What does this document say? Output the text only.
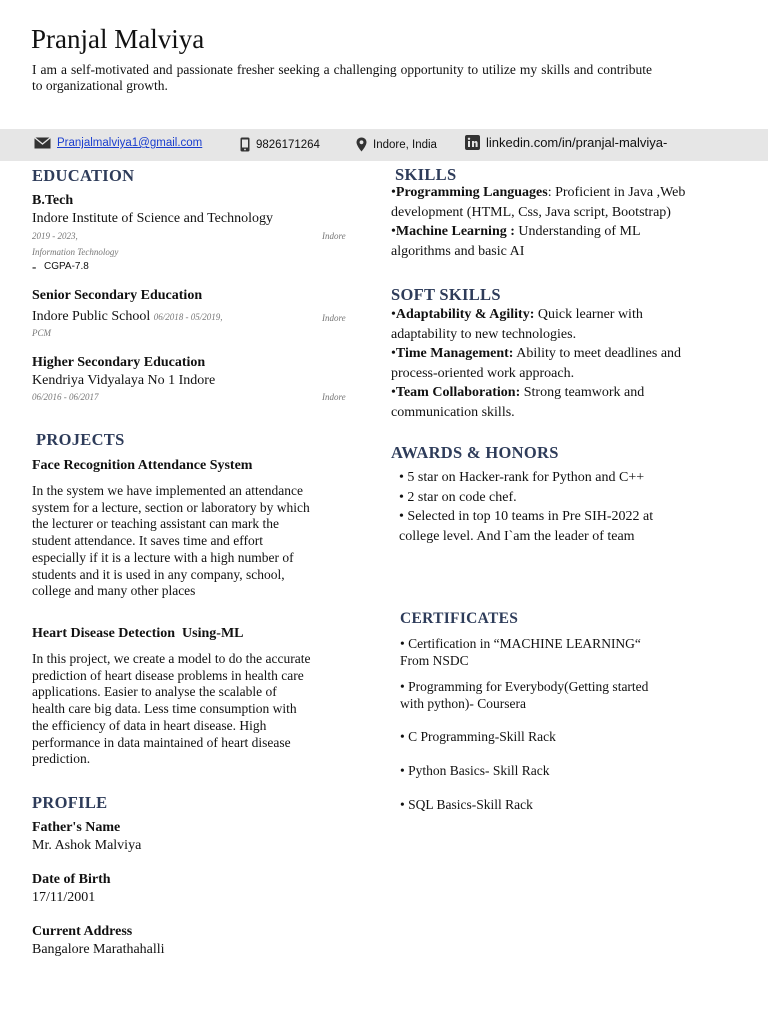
Pranjal Malviya
I am a self-motivated and passionate fresher seeking a challenging opportunity to utilize my skills and contribute to organizational growth.
Pranjalmalviya1@gmail.com	9826171264	Indore, India	linkedin.com/in/pranjal-malviya-
EDUCATION
B.Tech
Indore Institute of Science and Technology
2019 - 2023,	Indore
Information Technology
- CGPA-7.8
Senior Secondary Education
Indore Public School 06/2018 - 05/2019,	Indore
PCM
Higher Secondary Education
Kendriya Vidyalaya No 1 Indore
06/2016 - 06/2017	Indore
PROJECTS
Face Recognition Attendance System
In the system we have implemented an attendance
system for a lecture, section or laboratory by which
the lecturer or teaching assistant can mark the
student attendance. It saves time and effort
especially if it is a lecture with a high number of
students and it is used in any company, school,
college and many other places
Heart Disease Detection  Using-ML
In this project, we create a model to do the accurate
prediction of heart disease problems in health care
applications. Easier to analyse the scalable of
health care big data. Less time consumption with
the efficiency of data in heart disease. High
performance in data maintained of heart disease
prediction.
PROFILE
Father's Name
Mr. Ashok Malviya
Date of Birth
17/11/2001
Current Address
Bangalore Marathahalli
SKILLS
•Programming Languages: Proficient in Java ,Web
development (HTML, Css, Java script, Bootstrap)
•Machine Learning : Understanding of ML
algorithms and basic AI
SOFT SKILLS
•Adaptability & Agility: Quick learner with
adaptability to new technologies.
•Time Management: Ability to meet deadlines and
process-oriented work approach.
•Team Collaboration: Strong teamwork and
communication skills.
AWARDS & HONORS
• 5 star on Hacker-rank for Python and C++
• 2 star on code chef.
• Selected in top 10 teams in Pre SIH-2022 at
college level. And I`am the leader of team
CERTIFICATES
• Certification in “MACHINE LEARNING“
From NSDC
• Programming for Everybody(Getting started
with python)- Coursera
• C Programming-Skill Rack
• Python Basics- Skill Rack
• SQL Basics-Skill Rack
